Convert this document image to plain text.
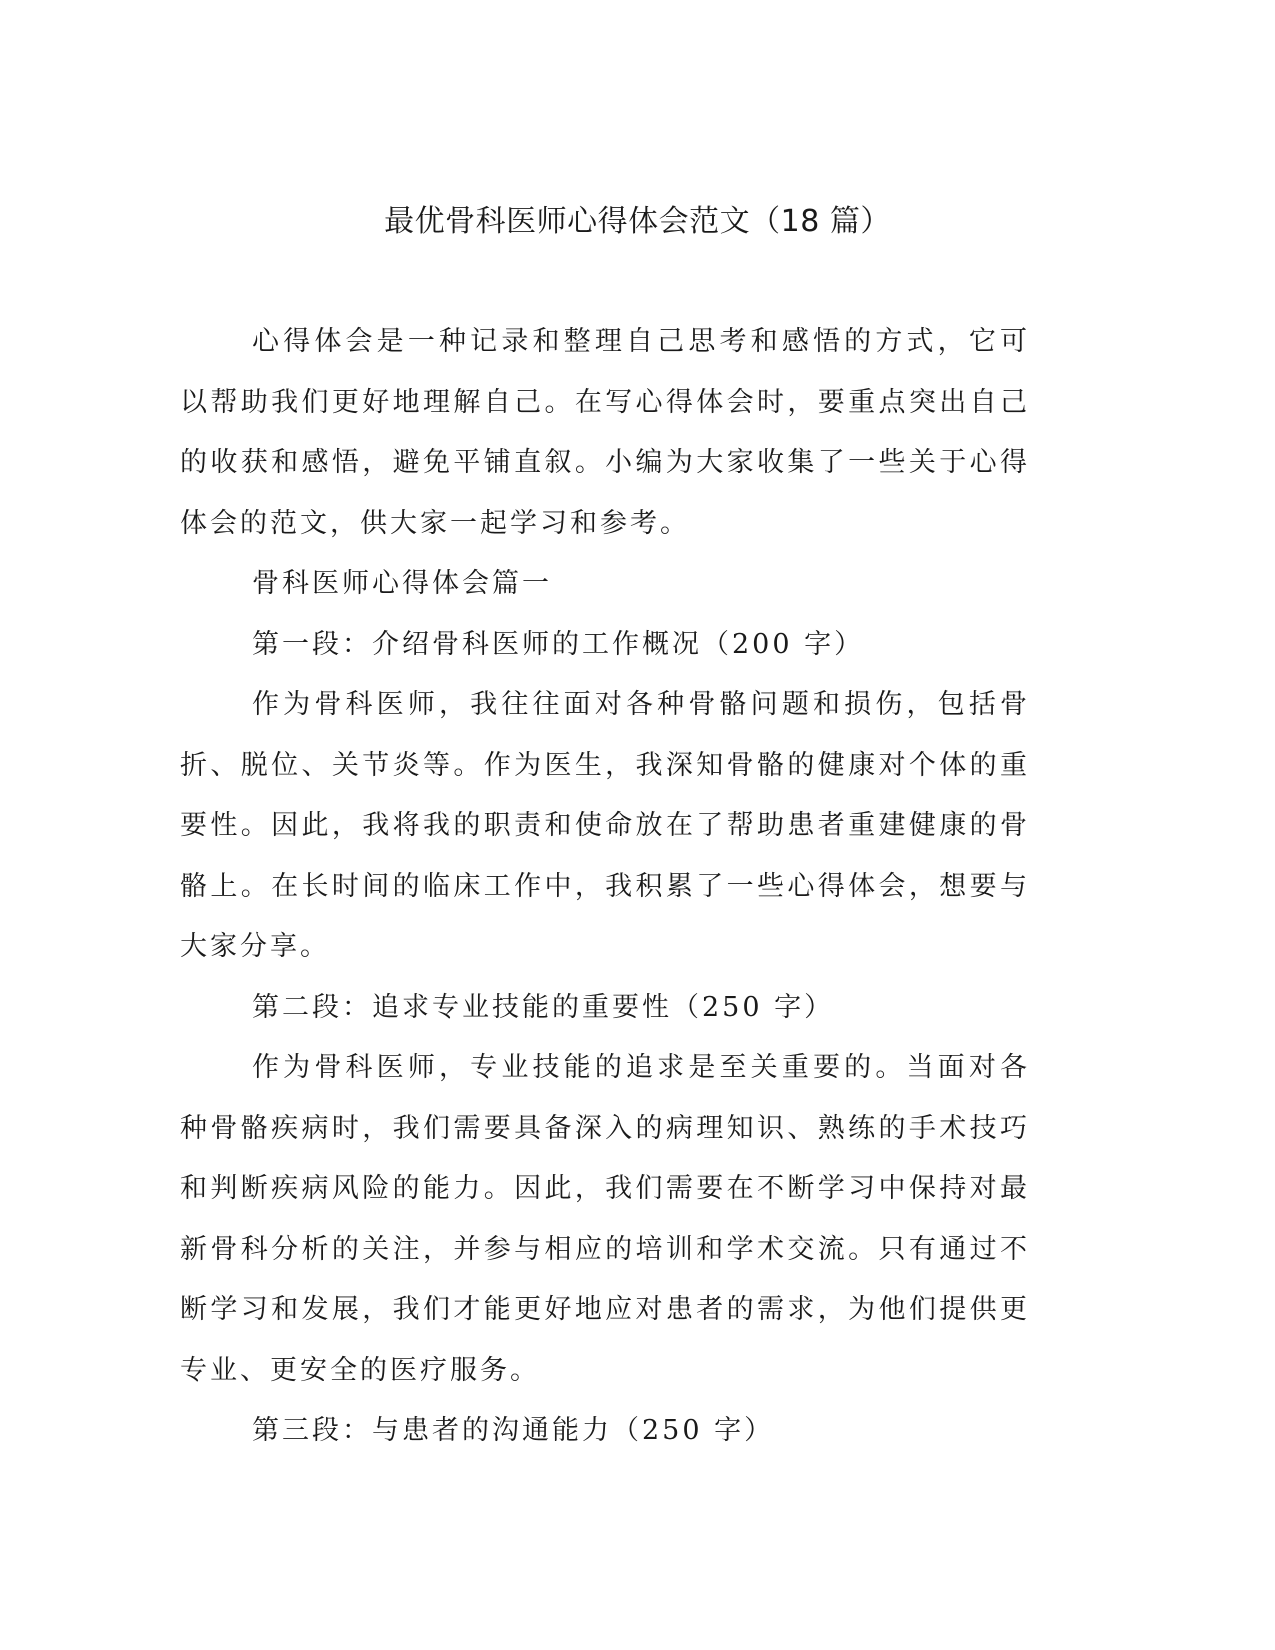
最优骨科医师心得体会范文（18 篇）

心得体会是一种记录和整理自己思考和感悟的方式，它可以帮助我们更好地理解自己。在写心得体会时，要重点突出自己的收获和感悟，避免平铺直叙。小编为大家收集了一些关于心得体会的范文，供大家一起学习和参考。

骨科医师心得体会篇一

第一段：介绍骨科医师的工作概况（200 字）

作为骨科医师，我往往面对各种骨骼问题和损伤，包括骨折、脱位、关节炎等。作为医生，我深知骨骼的健康对个体的重要性。因此，我将我的职责和使命放在了帮助患者重建健康的骨骼上。在长时间的临床工作中，我积累了一些心得体会，想要与大家分享。

第二段：追求专业技能的重要性（250 字）

作为骨科医师，专业技能的追求是至关重要的。当面对各种骨骼疾病时，我们需要具备深入的病理知识、熟练的手术技巧和判断疾病风险的能力。因此，我们需要在不断学习中保持对最新骨科分析的关注，并参与相应的培训和学术交流。只有通过不断学习和发展，我们才能更好地应对患者的需求，为他们提供更专业、更安全的医疗服务。

第三段：与患者的沟通能力（250 字）
